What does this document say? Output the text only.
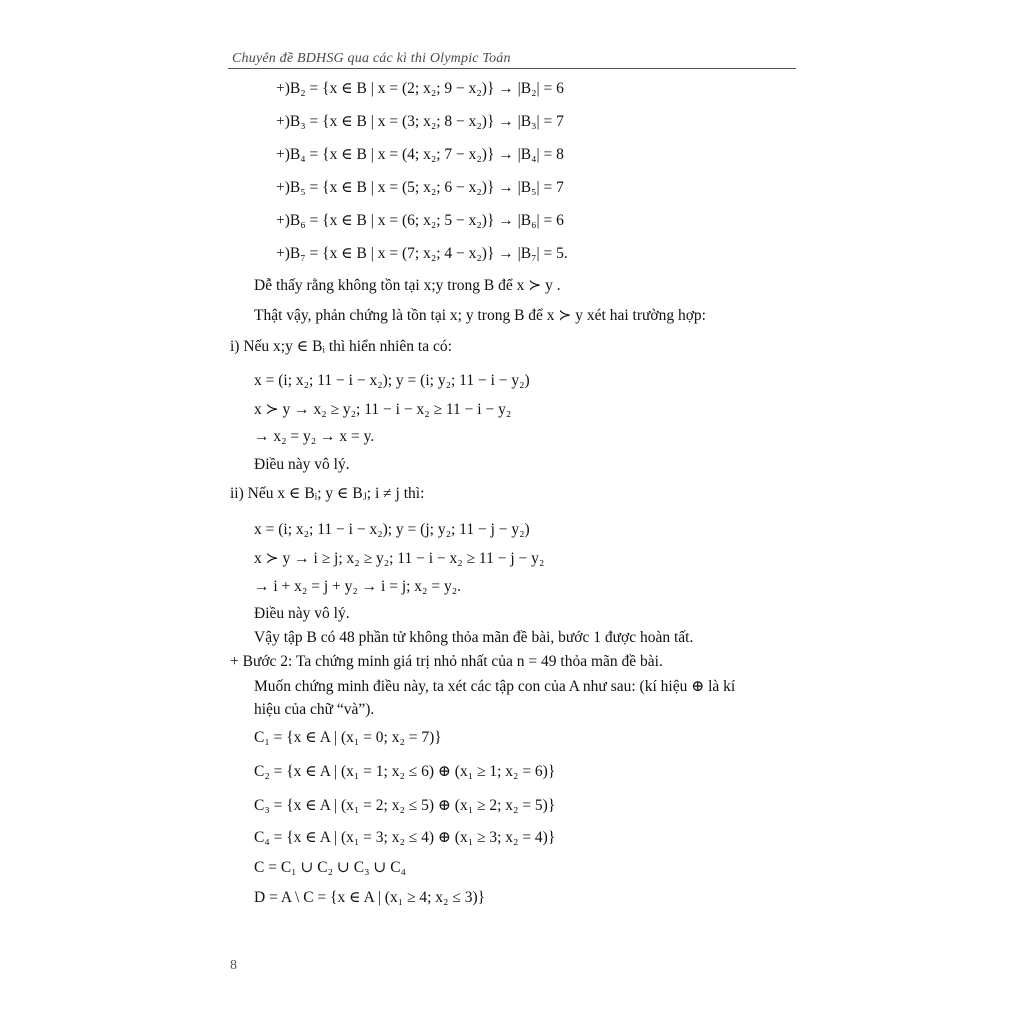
Chuyên đề BDHSG qua các kì thi Olympic Toán
+)B₂ = {x ∈ B | x = (2; x₂; 9 − x₂)} → |B₂| = 6
+)B₃ = {x ∈ B | x = (3; x₂; 8 − x₂)} → |B₃| = 7
+)B₄ = {x ∈ B | x = (4; x₂; 7 − x₂)} → |B₄| = 8
+)B₅ = {x ∈ B | x = (5; x₂; 6 − x₂)} → |B₅| = 7
+)B₆ = {x ∈ B | x = (6; x₂; 5 − x₂)} → |B₆| = 6
+)B₇ = {x ∈ B | x = (7; x₂; 4 − x₂)} → |B₇| = 5.
Dễ thấy rằng không tồn tại x;y trong B để x ≻ y .
Thật vậy, phản chứng là tồn tại x; y trong B để x ≻ y xét hai trường hợp:
i) Nếu x;y ∈ Bᵢ thì hiển nhiên ta có:
x = (i; x₂; 11 − i − x₂); y = (i; y₂; 11 − i − y₂)
x ≻ y → x₂ ≥ y₂; 11 − i − x₂ ≥ 11 − i − y₂
→ x₂ = y₂ → x = y.
Điều này vô lý.
ii) Nếu x ∈ Bᵢ; y ∈ Bⱼ; i ≠ j thì:
x = (i; x₂; 11 − i − x₂); y = (j; y₂; 11 − j − y₂)
x ≻ y → i ≥ j; x₂ ≥ y₂; 11 − i − x₂ ≥ 11 − j − y₂
→ i + x₂ = j + y₂ → i = j; x₂ = y₂.
Điều này vô lý.
Vậy tập B có 48 phần tử không thỏa mãn đề bài, bước 1 được hoàn tất.
+ Bước 2: Ta chứng minh giá trị nhỏ nhất của n = 49 thỏa mãn đề bài.
Muốn chứng minh điều này, ta xét các tập con của A như sau: (kí hiệu ⊕ là kí
hiệu của chữ “và”).
C₁ = {x ∈ A | (x₁ = 0; x₂ = 7)}
C₂ = {x ∈ A | (x₁ = 1; x₂ ≤ 6) ⊕ (x₁ ≥ 1; x₂ = 6)}
C₃ = {x ∈ A | (x₁ = 2; x₂ ≤ 5) ⊕ (x₁ ≥ 2; x₂ = 5)}
C₄ = {x ∈ A | (x₁ = 3; x₂ ≤ 4) ⊕ (x₁ ≥ 3; x₂ = 4)}
C = C₁ ∪ C₂ ∪ C₃ ∪ C₄
D = A \ C = {x ∈ A | (x₁ ≥ 4; x₂ ≤ 3)}
8
